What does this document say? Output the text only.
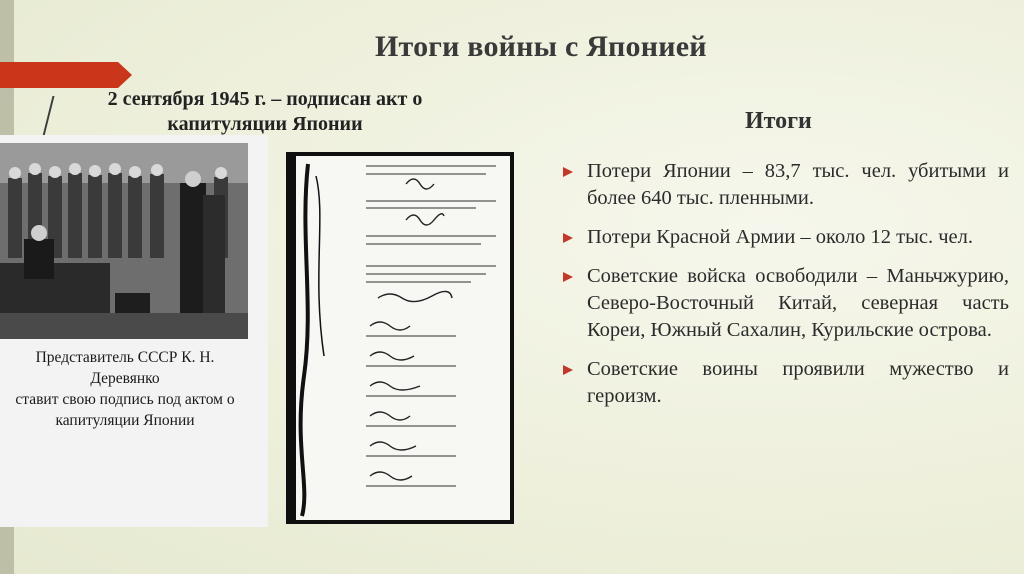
Итоги войны с Японией
2 сентября 1945 г. – подписан акт о
капитуляции Японии	Итоги
Потери Японии – 83,7 тыс. чел. убитыми и более 640 тыс. пленными.
Потери Красной Армии – около 12 тыс. чел.
Советские войска освободили – Маньчжурию, Северо-Восточный Китай, северная часть Кореи, Южный Сахалин, Курильские острова.
Советские воины проявили мужество и героизм.
Представитель СССР К. Н. Деревянко
ставит свою подпись под актом о
капитуляции Японии
